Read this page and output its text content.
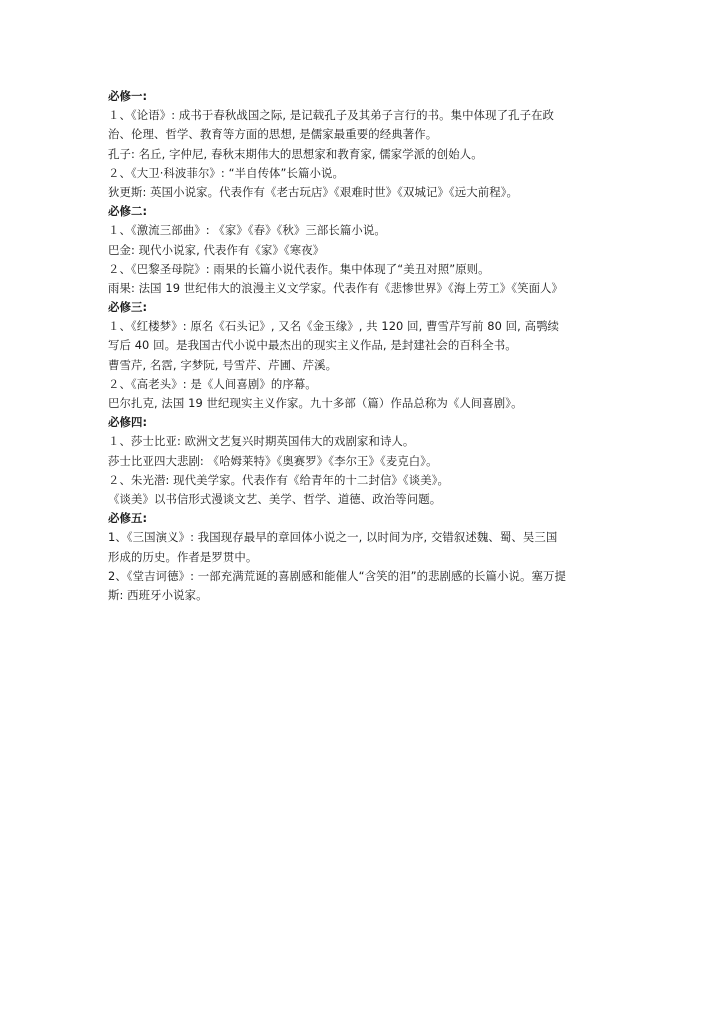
必修一:
１、《论语》: 成书于春秋战国之际, 是记载孔子及其弟子言行的书。集中体现了孔子在政
治、伦理、哲学、教育等方面的思想, 是儒家最重要的经典著作。
孔子: 名丘, 字仲尼, 春秋末期伟大的思想家和教育家, 儒家学派的创始人。
２、《大卫·科波菲尔》: “半自传体”长篇小说。
狄更斯: 英国小说家。代表作有《老古玩店》《艰难时世》《双城记》《远大前程》。
必修二:
１、《激流三部曲》: 《家》《春》《秋》三部长篇小说。
巴金: 现代小说家, 代表作有《家》《寒夜》
２、《巴黎圣母院》: 雨果的长篇小说代表作。集中体现了“美丑对照”原则。
雨果: 法国 19 世纪伟大的浪漫主义文学家。代表作有《悲惨世界》《海上劳工》《笑面人》
必修三:
１、《红楼梦》: 原名《石头记》, 又名《金玉缘》, 共 120 回, 曹雪芹写前 80 回, 高鹗续
写后 40 回。是我国古代小说中最杰出的现实主义作品, 是封建社会的百科全书。
曹雪芹, 名霑, 字梦阮, 号雪芹、芹圃、芹溪。
２、《高老头》: 是《人间喜剧》的序幕。
巴尔扎克, 法国 19 世纪现实主义作家。九十多部（篇）作品总称为《人间喜剧》。
必修四:
１、莎士比亚: 欧洲文艺复兴时期英国伟大的戏剧家和诗人。
莎士比亚四大悲剧: 《哈姆莱特》《奥赛罗》《李尔王》《麦克白》。
２、朱光潜: 现代美学家。代表作有《给青年的十二封信》《谈美》。
《谈美》以书信形式漫谈文艺、美学、哲学、道德、政治等问题。
必修五:
1、《三国演义》: 我国现存最早的章回体小说之一, 以时间为序, 交错叙述魏、蜀、吴三国
形成的历史。作者是罗贯中。
2、《堂吉诃德》: 一部充满荒诞的喜剧感和能催人“含笑的泪”的悲剧感的长篇小说。塞万提
斯: 西班牙小说家。
